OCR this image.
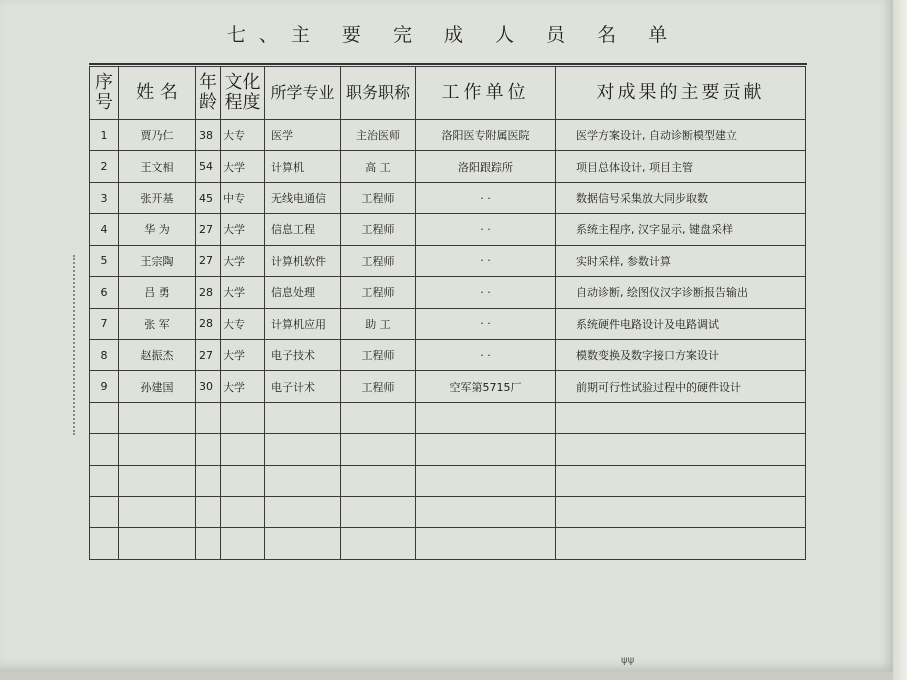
七、主 要 完 成 人 员 名 单
序号	姓 名	年龄	文化程度	所学专业	职务职称	工作单位	对成果的主要贡献
1	贾乃仁	38	大专	医学	主治医师	洛阳医专附属医院	医学方案设计, 自动诊断模型建立
2	王文相	54	大学	计算机	高 工	洛阳跟踪所	项目总体设计, 项目主管
3	张开基	45	中专	无线电通信	工程师	· ·	数据信号采集放大同步取数
4	华 为	27	大学	信息工程	工程师	· ·	系统主程序, 汉字显示, 键盘采样
5	王宗陶	27	大学	计算机软件	工程师	· ·	实时采样, 参数计算
6	吕 勇	28	大学	信息处理	工程师	· ·	自动诊断, 绘图仪汉字诊断报告输出
7	张 军	28	大专	计算机应用	助 工	· ·	系统硬件电路设计及电路调试
8	赵振杰	27	大学	电子技术	工程师	· ·	模数变换及数字接口方案设计
9	孙建国	30	大学	电子计术	工程师	空军第5715厂	前期可行性试验过程中的硬件设计

ψψ
